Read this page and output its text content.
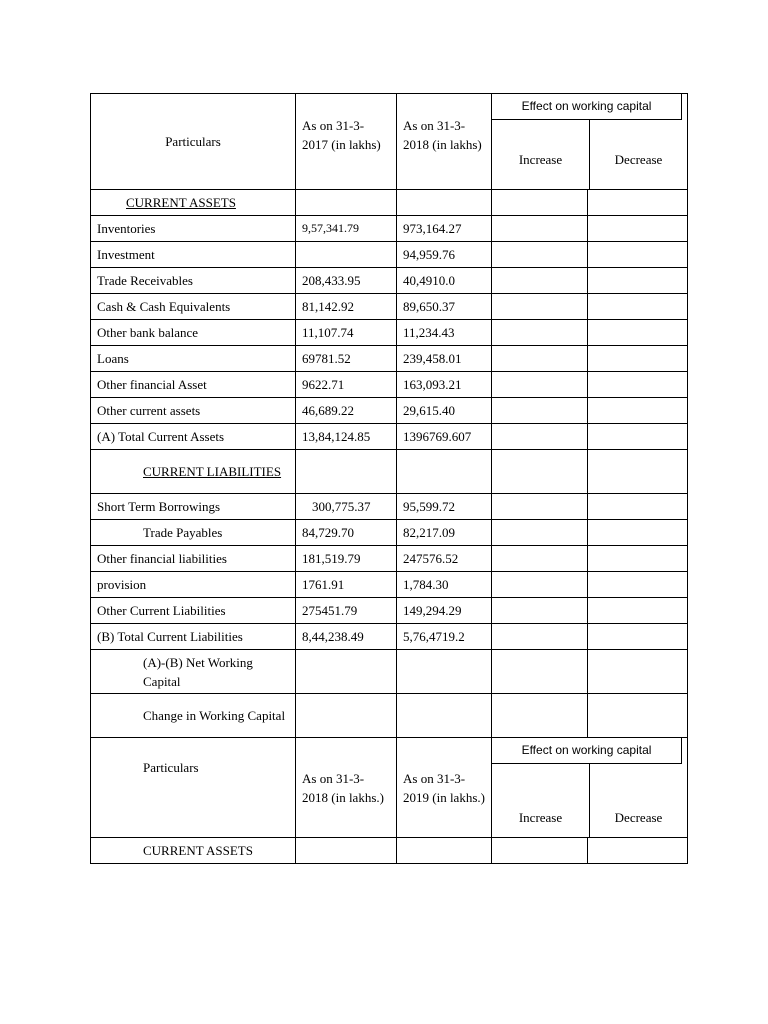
Particulars	As on 31-3-2017 (in lakhs)	As on 31-3-2018 (in lakhs)	Effect on working capital
Increase Decrease	

CURRENT ASSETS				
Inventories	9,57,341.79	973,164.27		
Investment		94,959.76		
Trade Receivables	208,433.95	40,4910.0		
Cash & Cash Equivalents	81,142.92	89,650.37		
Other bank balance	11,107.74	11,234.43		
Loans	69781.52	239,458.01		
Other financial Asset	9622.71	163,093.21		
Other current assets	46,689.22	29,615.40		
(A) Total Current Assets	13,84,124.85	1396769.607		
CURRENT LIABILITIES				
Short Term Borrowings	300,775.37	95,599.72		
Trade Payables	84,729.70	82,217.09		
Other financial liabilities	181,519.79	247576.52		
provision	1761.91	1,784.30		
Other Current Liabilities	275451.79	149,294.29		
(B) Total Current Liabilities	8,44,238.49	5,76,4719.2		
(A)-(B) Net Working Capital				
Change in Working Capital				
Particulars	As on 31-3-2018 (in lakhs.)	As on 31-3-2019 (in lakhs.)	Effect on working capital
Increase Decrease	

CURRENT ASSETS				
